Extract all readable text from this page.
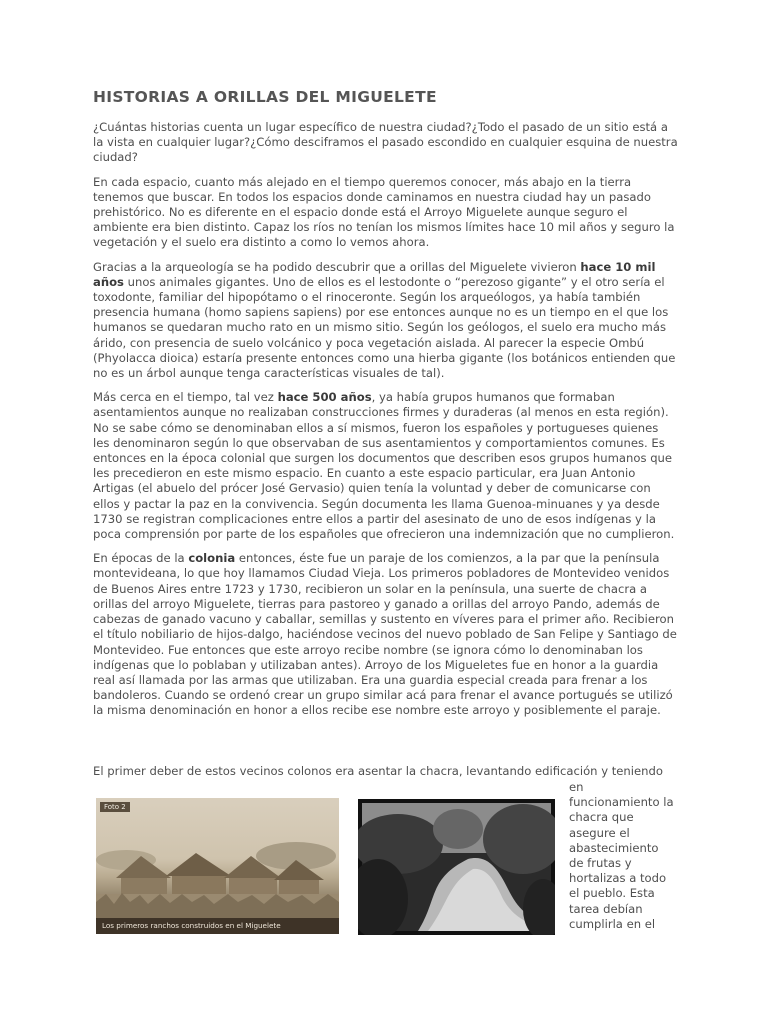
HISTORIAS A ORILLAS DEL MIGUELETE

¿Cuántas historias cuenta un lugar específico de nuestra ciudad?¿Todo el pasado de un sitio está a la vista en cualquier lugar?¿Cómo desciframos el pasado escondido en cualquier esquina de nuestra ciudad?

En cada espacio, cuanto más alejado en el tiempo queremos conocer, más abajo en la tierra tenemos que buscar. En todos los espacios donde caminamos en nuestra ciudad hay un pasado prehistórico. No es diferente en el espacio donde está el Arroyo Miguelete aunque seguro el ambiente era bien distinto. Capaz los ríos no tenían los mismos límites hace 10 mil años y seguro la vegetación y el suelo era distinto a como lo vemos ahora.

Gracias a la arqueología se ha podido descubrir que a orillas del Miguelete vivieron hace 10 mil años unos animales gigantes. Uno de ellos es el lestodonte o “perezoso gigante” y el otro sería el toxodonte, familiar del hipopótamo o el rinoceronte. Según los arqueólogos, ya había también presencia humana (homo sapiens sapiens) por ese entonces aunque no es un tiempo en el que los humanos se quedaran mucho rato en un mismo sitio. Según los geólogos, el suelo era mucho más árido, con presencia de suelo volcánico y poca vegetación aislada. Al parecer la especie Ombú (Phyolacca dioica) estaría presente entonces como una hierba gigante (los botánicos entienden que no es un árbol aunque tenga características visuales de tal).

Más cerca en el tiempo, tal vez hace 500 años, ya había grupos humanos que formaban asentamientos aunque no realizaban construcciones firmes y duraderas (al menos en esta región). No se sabe cómo se denominaban ellos a sí mismos, fueron los españoles y portugueses quienes les denominaron según lo que observaban de sus asentamientos y comportamientos comunes. Es entonces en la época colonial que surgen los documentos que describen esos grupos humanos que les precedieron en este mismo espacio. En cuanto a este espacio particular, era Juan Antonio Artigas (el abuelo del prócer José Gervasio) quien tenía la voluntad y deber de comunicarse con ellos y pactar la paz en la convivencia. Según documenta les llama Guenoa-minuanes y ya desde 1730 se registran complicaciones entre ellos a partir del asesinato de uno de esos indígenas y la poca comprensión por parte de los españoles que ofrecieron una indemnización que no cumplieron.

En épocas de la colonia entonces, éste fue un paraje de los comienzos, a la par que la península montevideana, lo que hoy llamamos Ciudad Vieja. Los primeros pobladores de Montevideo venidos de Buenos Aires entre 1723 y 1730, recibieron un solar en la península, una suerte de chacra a orillas del arroyo Miguelete, tierras para pastoreo y ganado a orillas del arroyo Pando, además de cabezas de ganado vacuno y caballar, semillas y sustento en víveres para el primer año. Recibieron el título nobiliario de hijos-dalgo, haciéndose vecinos del nuevo poblado de San Felipe y Santiago de Montevideo. Fue entonces que este arroyo recibe nombre (se ignora cómo lo denominaban los indígenas que lo poblaban y utilizaban antes). Arroyo de los Migueletes fue en honor a la guardia real así llamada por las armas que utilizaban. Era una guardia especial creada para frenar a los bandoleros. Cuando se ordenó crear un grupo similar acá para frenar el avance portugués se utilizó la misma denominación en honor a ellos recibe ese nombre este arroyo y posiblemente el paraje.

El primer deber de estos vecinos colonos era asentar la chacra, levantando edificación y teniendo
Foto 2
Los primeros ranchos construidos en el Miguelete
en
funcionamiento la
chacra que
asegure el
abastecimiento
de frutas y
hortalizas a todo
el pueblo. Esta
tarea debían
cumplirla en el
